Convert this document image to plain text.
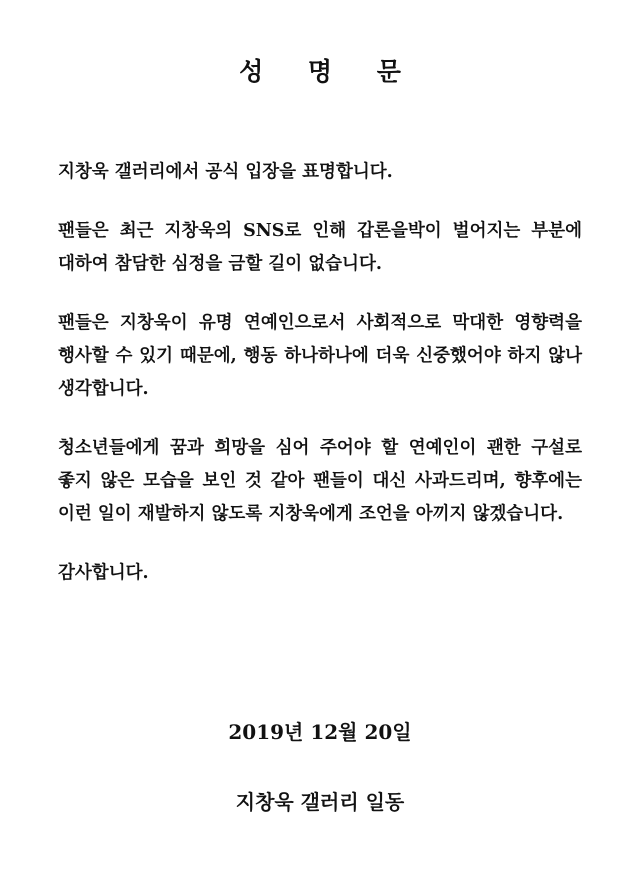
성 명 문

지창욱 갤러리에서 공식 입장을 표명합니다.

팬들은 최근 지창욱의 SNS로 인해 갑론을박이 벌어지는 부분에 대하여 참담한 심정을 금할 길이 없습니다.

팬들은 지창욱이 유명 연예인으로서 사회적으로 막대한 영향력을 행사할 수 있기 때문에, 행동 하나하나에 더욱 신중했어야 하지 않나 생각합니다.

청소년들에게 꿈과 희망을 심어 주어야 할 연예인이 괜한 구설로 좋지 않은 모습을 보인 것 같아 팬들이 대신 사과드리며, 향후에는 이런 일이 재발하지 않도록 지창욱에게 조언을 아끼지 않겠습니다.

감사합니다.

2019년 12월 20일
지창욱 갤러리 일동
